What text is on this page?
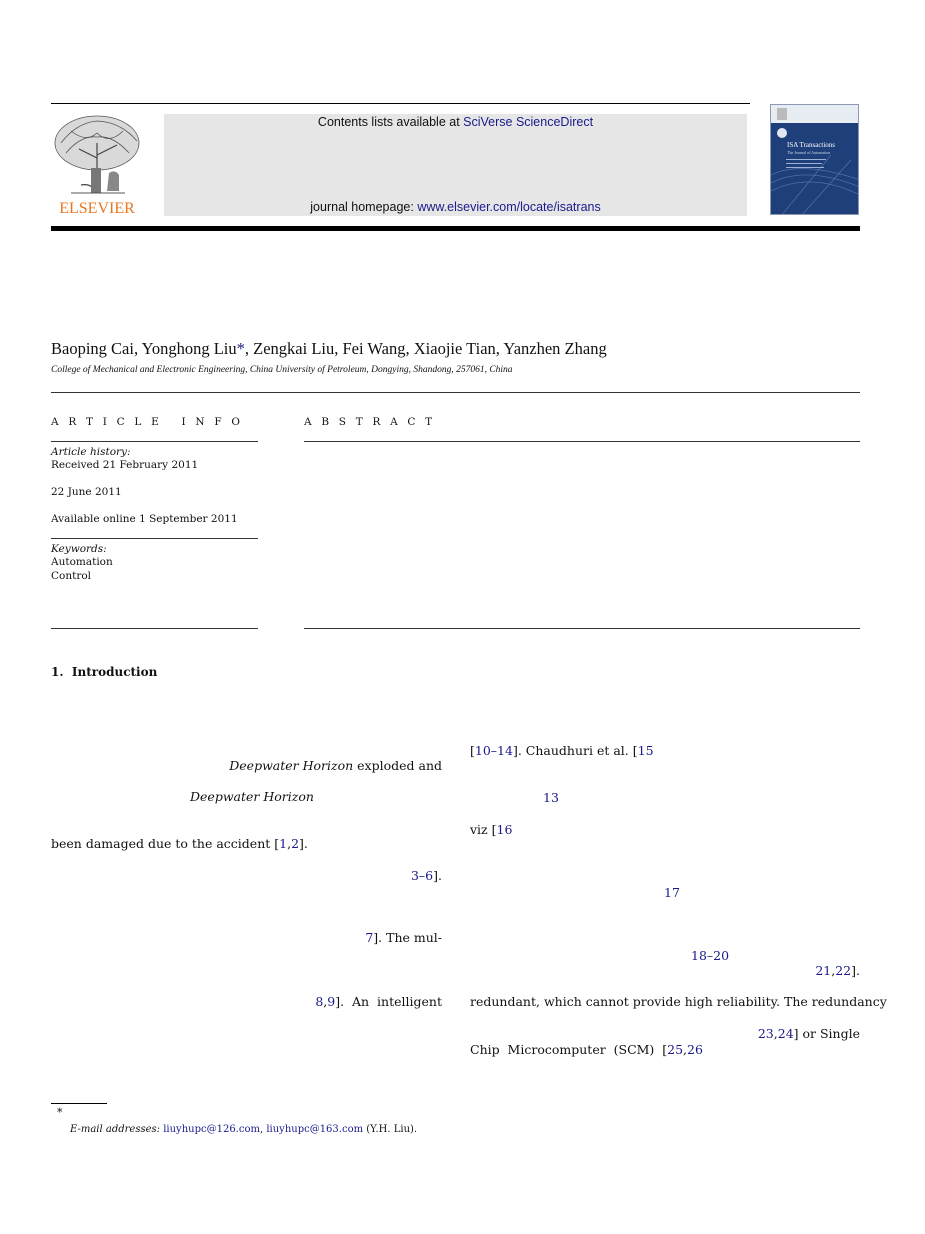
ELSEVIER
Contents lists available at SciVerse ScienceDirect
journal homepage: www.elsevier.com/locate/isatrans
ISA Transactions
The Journal of Automation
Baoping Cai, Yonghong Liu*, Zengkai Liu, Fei Wang, Xiaojie Tian, Yanzhen Zhang
College of Mechanical and Electronic Engineering, China University of Petroleum, Dongying, Shandong, 257061, China
A R T I C L E   I N F O	A B S T R A C T
Article history:
Received 21 February 2011
22 June 2011
Available online 1 September 2011
Keywords:
Automation
Control
1.  Introduction
Deepwater Horizon exploded and
Deepwater Horizon
been damaged due to the accident [1,2].
3–6].
7]. The mul-
8,9].  An  intelligent
[10–14]. Chaudhuri et al. [15
13
viz [16
17
18–20
21,22].
redundant, which cannot provide high reliability. The redundancy
23,24] or Single
Chip  Microcomputer  (SCM)  [25,26
*
E-mail addresses: liuyhupc@126.com, liuyhupc@163.com (Y.H. Liu).
